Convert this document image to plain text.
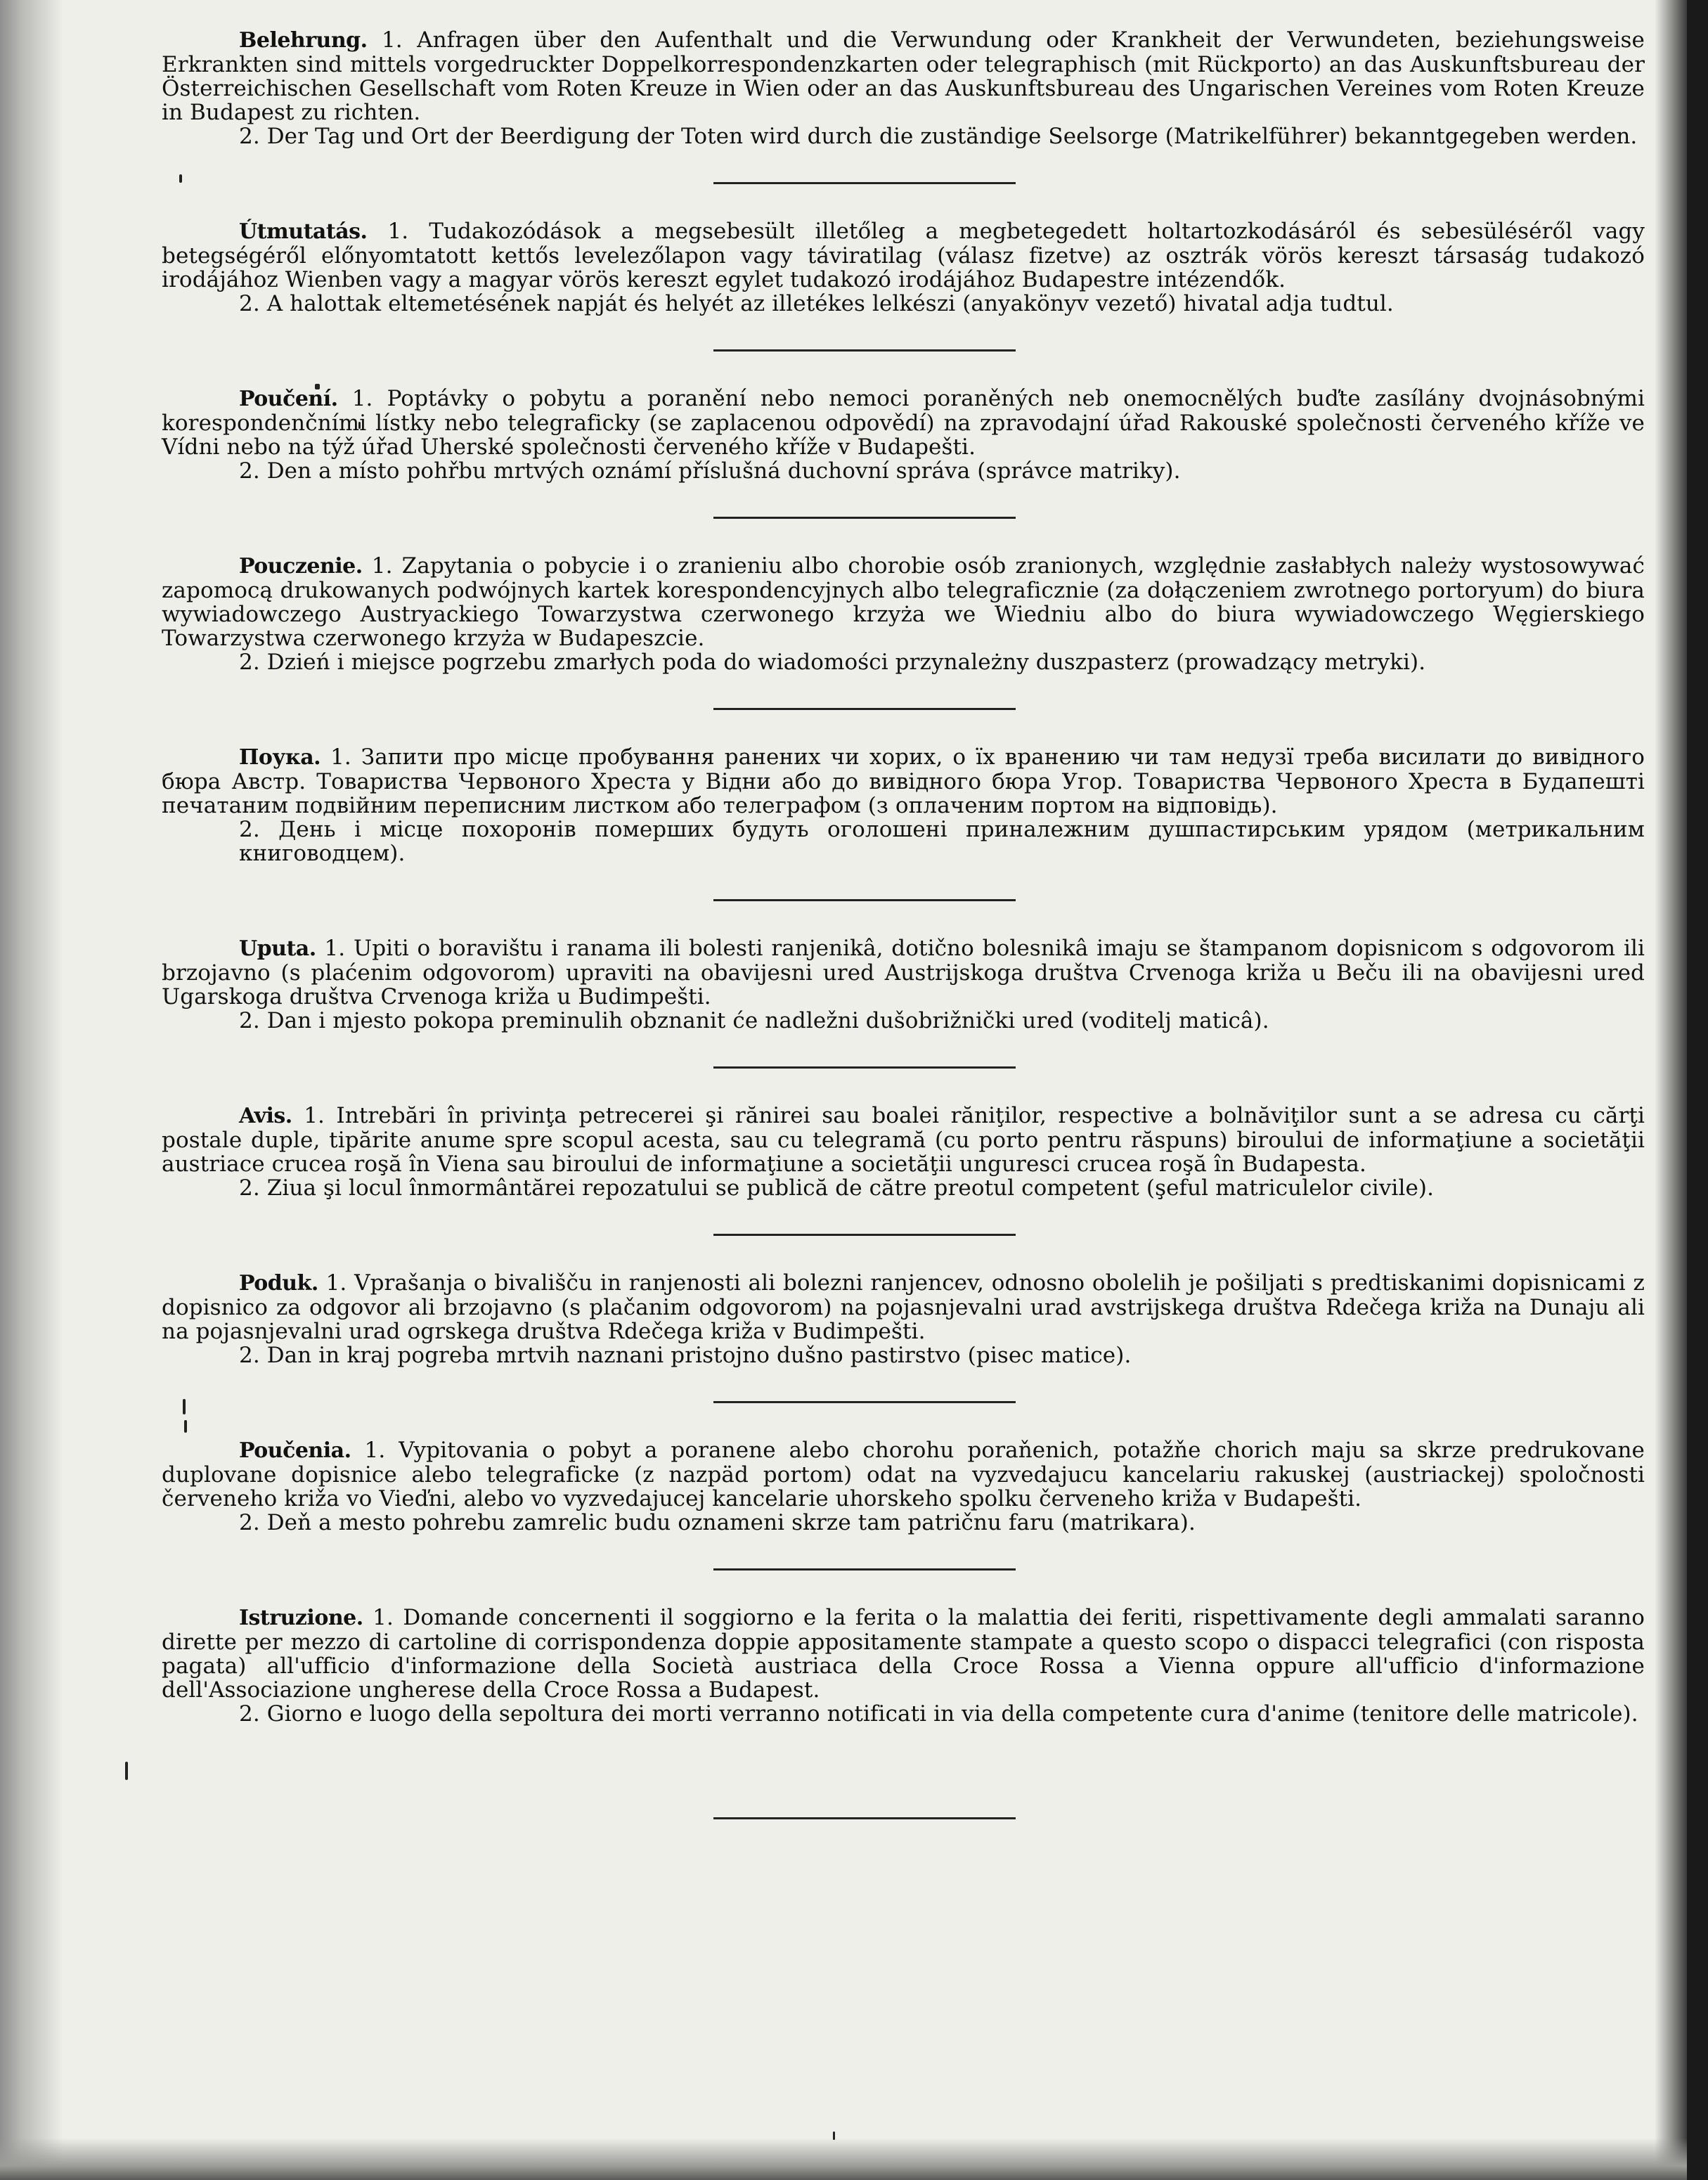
Belehrung. 1. Anfragen über den Aufenthalt und die Verwundung oder Krankheit der Verwundeten, beziehungsweise Erkrankten sind mittels vorgedruckter Doppelkorrespondenzkarten oder telegraphisch (mit Rückporto) an das Auskunftsbureau der Österreichischen Gesellschaft vom Roten Kreuze in Wien oder an das Auskunftsbureau des Ungarischen Vereines vom Roten Kreuze in Budapest zu richten.

2. Der Tag und Ort der Beerdigung der Toten wird durch die zuständige Seelsorge (Matrikelführer) bekanntgegeben werden.

Útmutatás. 1. Tudakozódások a megsebesült illetőleg a megbetegedett holtartozkodásáról és sebesüléséről vagy betegségéről előnyomtatott kettős levelezőlapon vagy táviratilag (válasz fizetve) az osztrák vörös kereszt társaság tudakozó irodájához Wienben vagy a magyar vörös kereszt egylet tudakozó irodájához Budapestre intézendők.

2. A halottak eltemetésének napját és helyét az illetékes lelkészi (anyakönyv vezető) hivatal adja tudtul.

Poučení. 1. Poptávky o pobytu a poranění nebo nemoci poraněných neb onemocnělých buďte zasílány dvojnásobnými korespondenčními lístky nebo telegraficky (se zaplacenou odpovědí) na zpravodajní úřad Rakouské společnosti červeného kříže ve Vídni nebo na týž úřad Uherské společnosti červeného kříže v Budapešti.

2. Den a místo pohřbu mrtvých oznámí příslušná duchovní správa (správce matriky).

Pouczenie. 1. Zapytania o pobycie i o zranieniu albo chorobie osób zranionych, względnie zasłabłych należy wystosowywać zapomocą drukowanych podwójnych kartek korespondencyjnych albo telegraficznie (za dołączeniem zwrotnego portoryum) do biura wywiadowczego Austryackiego Towarzystwa czerwonego krzyża we Wiedniu albo do biura wywiadowczego Węgierskiego Towarzystwa czerwonego krzyża w Budapeszcie.

2. Dzień i miejsce pogrzebu zmarłych poda do wiadomości przynależny duszpasterz (prowadzący metryki).

Поука. 1. Запити про місце пробування ранених чи хорих, о їх вранению чи там недузї треба висилати до вивідного бюра Австр. Товариства Червоного Хреста у Відни або до вивідного бюра Угор. Товариства Червоного Хреста в Будапешті печатаним подвійним переписним листком або телеграфом (з оплаченим портом на відповідь).

2. День і місце похоронів померших будуть оголошені приналежним душпастирським урядом (метрикальним книговодцем).

Uputa. 1. Upiti o boravištu i ranama ili bolesti ranjenikâ, dotično bolesnikâ imaju se štampanom dopisnicom s odgovorom ili brzojavno (s plaćenim odgovorom) upraviti na obavijesni ured Austrijskoga društva Crvenoga križa u Beču ili na obavijesni ured Ugarskoga društva Crvenoga križa u Budimpešti.

2. Dan i mjesto pokopa preminulih obznanit će nadležni dušobrižnički ured (voditelj maticâ).

Avis. 1. Intrebări în privinţa petrecerei şi rănirei sau boalei răniţilor, respective a bolnăviţilor sunt a se adresa cu cărţi postale duple, tipărite anume spre scopul acesta, sau cu telegramă (cu porto pentru răspuns) biroului de informaţiune a societăţii austriace crucea roşă în Viena sau biroului de informaţiune a societăţii ungurescі crucea roşă în Budapesta.

2. Ziua şi locul înmormântărei repozatului se publică de către preotul competent (şeful matriculelor civile).

Poduk. 1. Vprašanja o bivališču in ranjenosti ali bolezni ranjencev, odnosno obolelih je pošiljati s predtiskanimi dopisnicami z dopisnico za odgovor ali brzojavno (s plačanim odgovorom) na pojasnjevalni urad avstrijskega društva Rdečega križa na Dunaju ali na pojasnjevalni urad ogrskega društva Rdečega križa v Budimpešti.

2. Dan in kraj pogreba mrtvih naznani pristojno dušno pastirstvo (pisec matice).

Poučenia. 1. Vypitovania o pobyt a poranene alebo chorohu poraňenich, potažňe chorich maju sa skrze predrukovane duplovane dopisnice alebo telegraficke (z nazpäd portom) odat na vyzvedajucu kancelariu rakuskej (austriackej) spoločnosti červeneho križa vo Vieďni, alebo vo vyzvedajucej kancelarie uhorskeho spolku červeneho križa v Budapešti.

2. Deň a mesto pohrebu zamrelic budu oznameni skrze tam patričnu faru (matrikara).

Istruzione. 1. Domande concernenti il soggiorno e la ferita o la malattia dei feriti, rispettivamente degli ammalati saranno dirette per mezzo di cartoline di corrispondenza doppie appositamente stampate a questo scopo o dispacci telegrafici (con risposta pagata) all'ufficio d'informazione della Società austriaca della Croce Rossa a Vienna oppure all'ufficio d'informazione dell'Associazione ungherese della Croce Rossa a Budapest.

2. Giorno e luogo della sepoltura dei morti verranno notificati in via della competente cura d'anime (tenitore delle matricole).
